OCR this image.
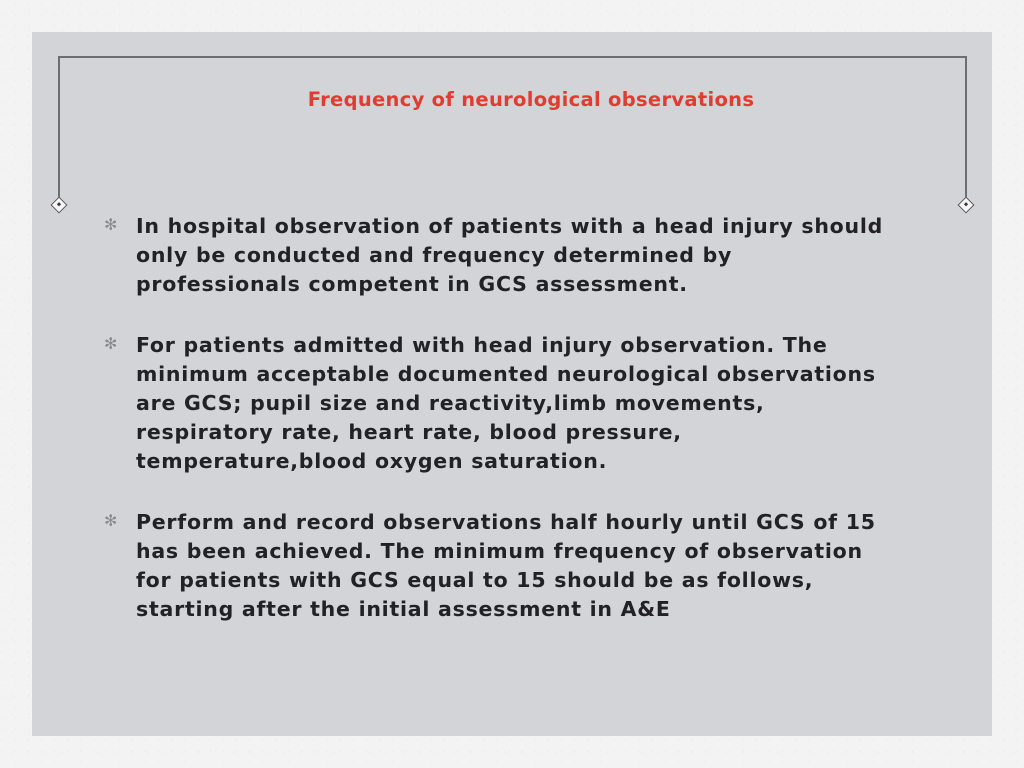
Frequency of neurological observations
✻ In hospital observation of patients with a head injury should only be conducted and frequency determined by professionals competent in GCS assessment.
✻ For patients admitted with head injury observation. The minimum acceptable documented neurological observations are GCS; pupil size and reactivity,limb movements, respiratory rate, heart rate, blood pressure, temperature,blood oxygen saturation.
✻ Perform and record observations half hourly until GCS of 15 has been achieved. The minimum frequency of observation for patients with GCS equal to 15 should be as follows, starting after the initial assessment in A&E
